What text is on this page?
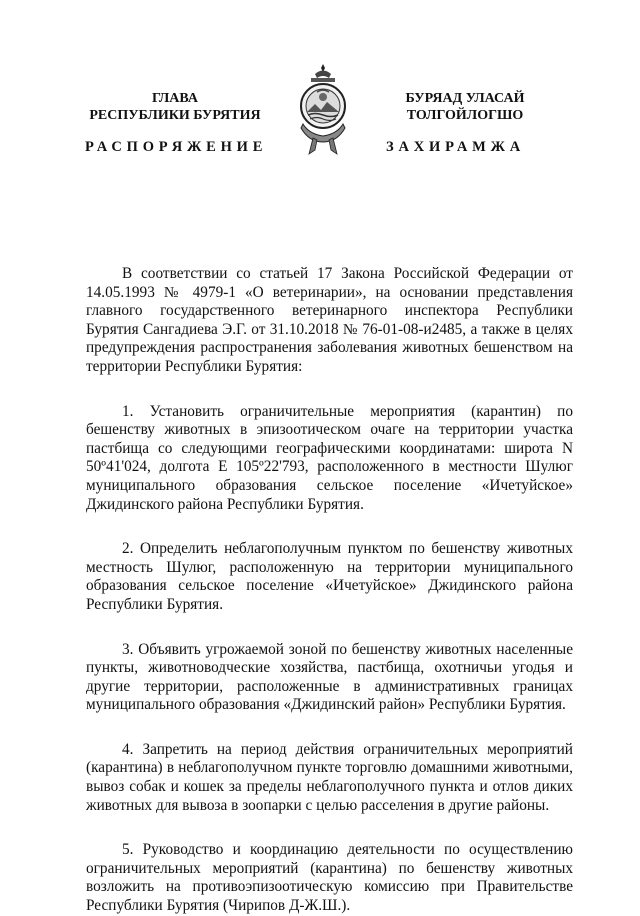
ГЛАВА
РЕСПУБЛИКИ БУРЯТИЯ
БУРЯАД УЛАСАЙ
ТОЛГОЙЛОГШО
РАСПОРЯЖЕНИЕ	ЗАХИРАМЖА

В соответствии со статьей 17 Закона Российской Федерации от 14.05.1993 № 4979-1 «О ветеринарии», на основании представления главного государственного ветеринарного инспектора Республики Бурятия Сангадиева Э.Г. от 31.10.2018 № 76-01-08-и2485, а также в целях предупреждения распространения заболевания животных бешенством на территории Республики Бурятия:

1. Установить ограничительные мероприятия (карантин) по бешенству животных в эпизоотическом очаге на территории участка пастбища со следующими географическими координатами: широта N 50º41'024, долгота E 105º22'793, расположенного в местности Шулюг муниципального образования сельское поселение «Ичетуйское» Джидинского района Республики Бурятия.

2. Определить неблагополучным пунктом по бешенству животных местность Шулюг, расположенную на территории муниципального образования сельское поселение «Ичетуйское» Джидинского района Республики Бурятия.

3. Объявить угрожаемой зоной по бешенству животных населенные пункты, животноводческие хозяйства, пастбища, охотничьи угодья и другие территории, расположенные в административных границах муниципального образования «Джидинский район» Республики Бурятия.

4. Запретить на период действия ограничительных мероприятий (карантина) в неблагополучном пункте торговлю домашними животными, вывоз собак и кошек за пределы неблагополучного пункта и отлов диких животных для вывоза в зоопарки с целью расселения в другие районы.

5. Руководство и координацию деятельности по осуществлению ограничительных мероприятий (карантина) по бешенству животных возложить на противоэпизоотическую комиссию при Правительстве Республики Бурятия (Чирипов Д-Ж.Ш.).
